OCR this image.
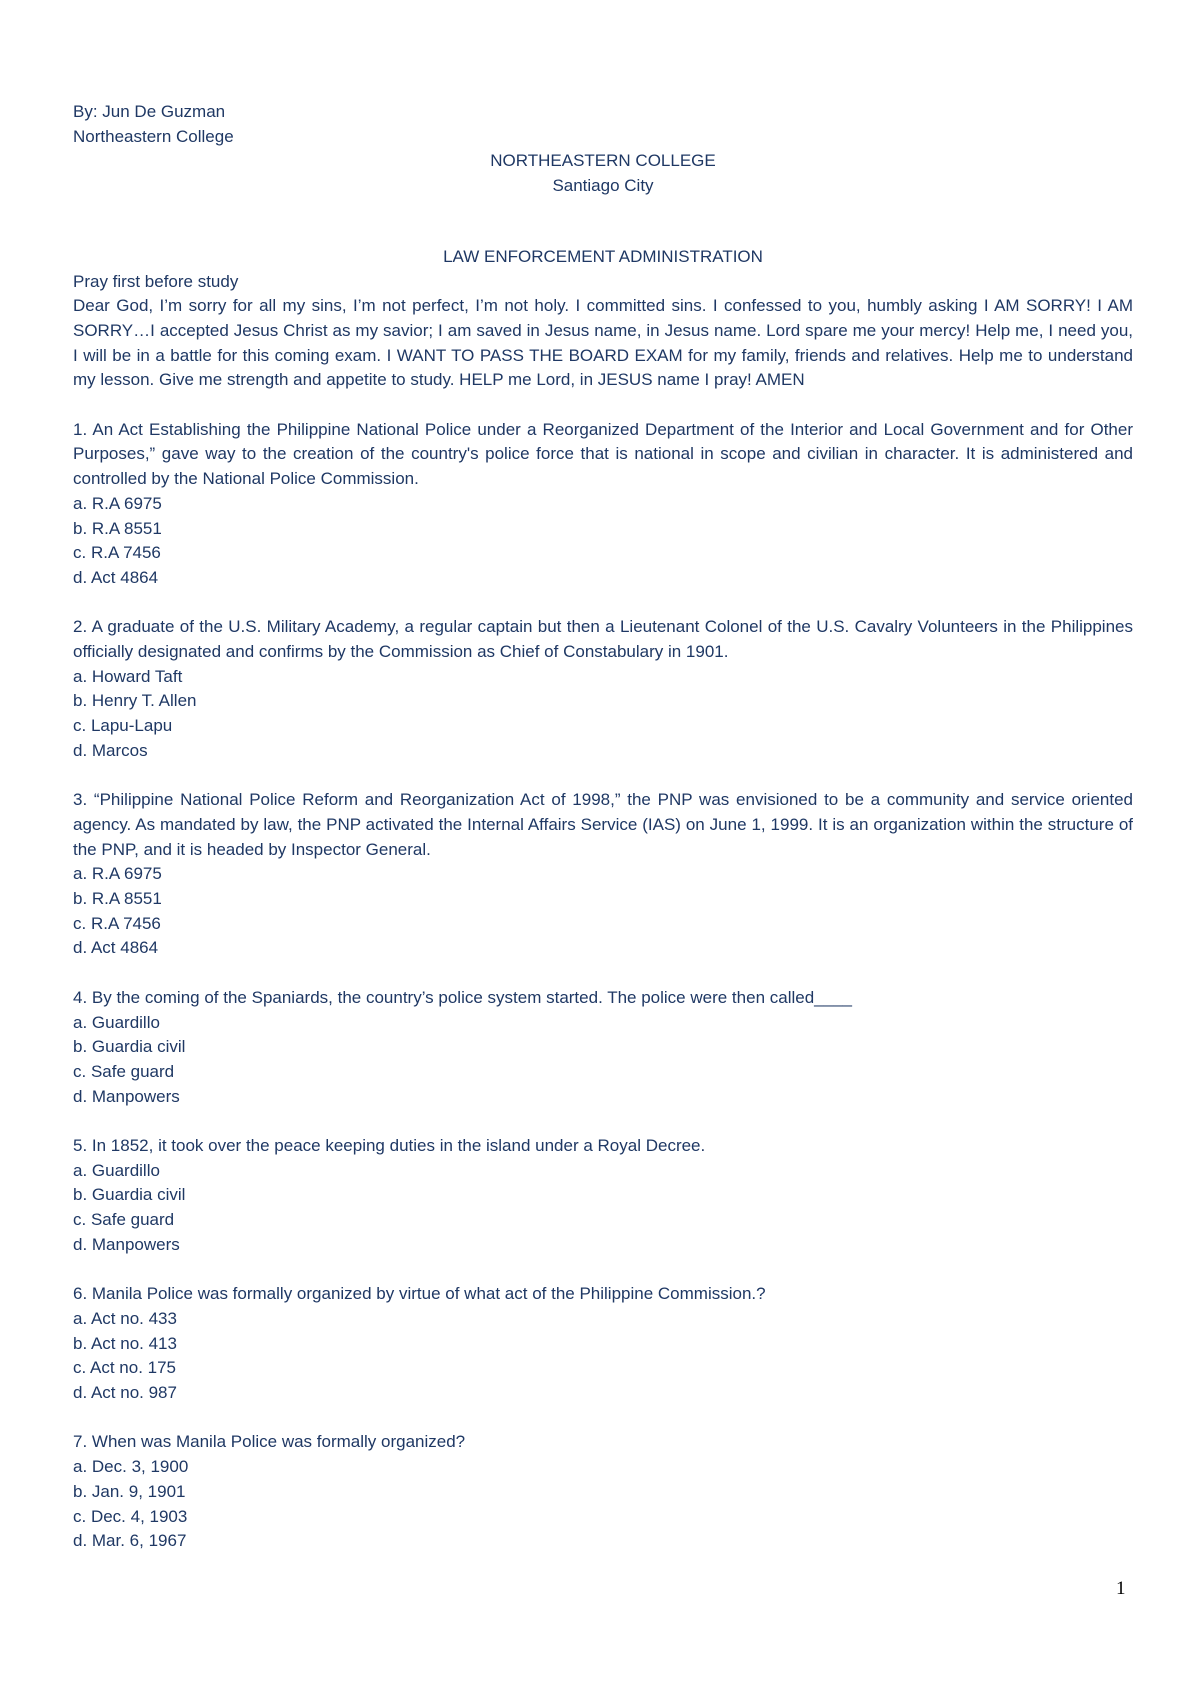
By: Jun De Guzman

Northeastern College

NORTHEASTERN COLLEGE

Santiago City

LAW ENFORCEMENT ADMINISTRATION

Pray first before study

Dear God, I’m sorry for all my sins, I’m not perfect, I’m not holy. I committed sins. I confessed to you, humbly asking I AM SORRY! I AM SORRY…I accepted Jesus Christ as my savior; I am saved in Jesus name, in Jesus name. Lord spare me your mercy! Help me, I need you, I will be in a battle for this coming exam. I WANT TO PASS THE BOARD EXAM for my family, friends and relatives. Help me to understand my lesson. Give me strength and appetite to study. HELP me Lord, in JESUS name I pray! AMEN

1. An Act Establishing the Philippine National Police under a Reorganized Department of the Interior and Local Government and for Other Purposes,” gave way to the creation of the country's police force that is national in scope and civilian in character. It is administered and controlled by the National Police Commission.

a. R.A 6975

b. R.A 8551

c. R.A 7456

d. Act 4864

2. A graduate of the U.S. Military Academy, a regular captain but then a Lieutenant Colonel of the U.S. Cavalry Volunteers in the Philippines officially designated and confirms by the Commission as Chief of Constabulary in 1901.

a. Howard Taft

b. Henry T. Allen

c. Lapu-Lapu

d. Marcos

3. “Philippine National Police Reform and Reorganization Act of 1998,” the PNP was envisioned to be a community and service oriented agency. As mandated by law, the PNP activated the Internal Affairs Service (IAS) on June 1, 1999. It is an organization within the structure of the PNP, and it is headed by Inspector General.

a. R.A 6975

b. R.A 8551

c. R.A 7456

d. Act 4864

4. By the coming of the Spaniards, the country’s police system started. The police were then called____

a. Guardillo

b. Guardia civil

c. Safe guard

d. Manpowers

5. In 1852, it took over the peace keeping duties in the island under a Royal Decree.

a. Guardillo

b. Guardia civil

c. Safe guard

d. Manpowers

6. Manila Police was formally organized by virtue of what act of the Philippine Commission.?

a. Act no. 433

b. Act no. 413

c. Act no. 175

d. Act no. 987

7. When was Manila Police was formally organized?

a. Dec. 3, 1900

b. Jan. 9, 1901

c. Dec. 4, 1903

d. Mar. 6, 1967

1
